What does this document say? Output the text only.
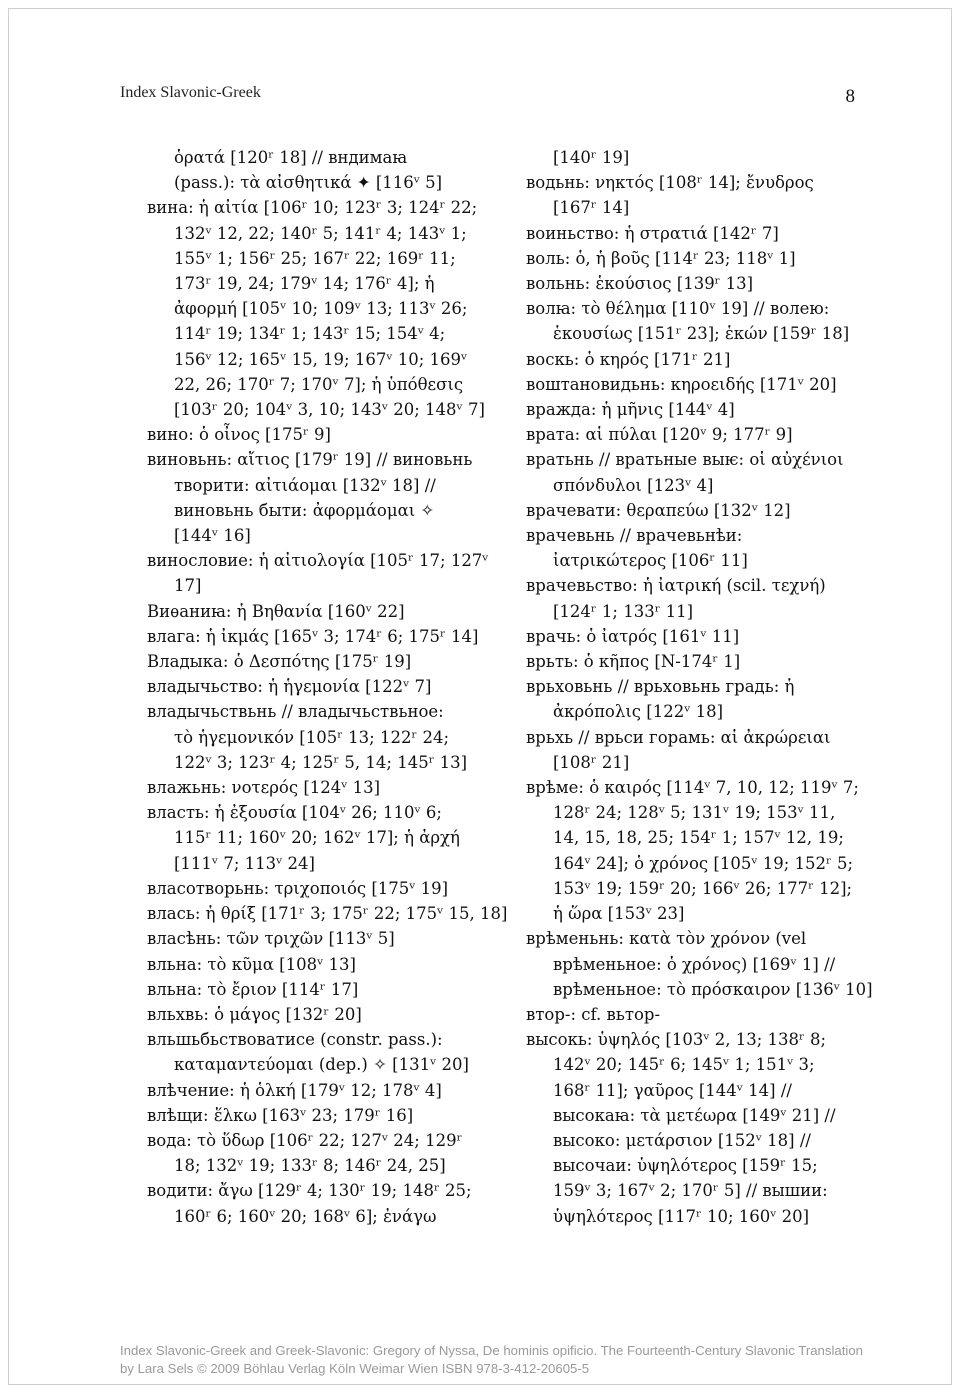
Index Slavonic-Greek	8
ὁρατά [120ʳ 18] // вндимаꙗ
(pass.): τὰ αἰσθητικά ✦ [116ᵛ 5]
вина: ἡ αἰτία [106ʳ 10; 123ʳ 3; 124ʳ 22;
132ᵛ 12, 22; 140ʳ 5; 141ʳ 4; 143ᵛ 1;
155ᵛ 1; 156ʳ 25; 167ʳ 22; 169ʳ 11;
173ʳ 19, 24; 179ᵛ 14; 176ʳ 4]; ἡ
ἀφορμή [105ᵛ 10; 109ᵛ 13; 113ᵛ 26;
114ʳ 19; 134ʳ 1; 143ʳ 15; 154ᵛ 4;
156ᵛ 12; 165ᵛ 15, 19; 167ᵛ 10; 169ᵛ
22, 26; 170ʳ 7; 170ᵛ 7]; ἡ ὑπόθεσις
[103ʳ 20; 104ᵛ 3, 10; 143ᵛ 20; 148ᵛ 7]
вино: ὁ οἶνος [175ʳ 9]
виновьнь: αἴτιος [179ʳ 19] // виновьнь
творити: αἰτιάομαι [132ᵛ 18] //
виновьнь быти: ἀφορμάομαι ✧
[144ᵛ 16]
винословие: ἡ αἰτιολογία [105ʳ 17; 127ᵛ
17]
Виѳаниꙗ: ἡ Βηθανία [160ᵛ 22]
влага: ἡ ἰκμάς [165ᵛ 3; 174ʳ 6; 175ʳ 14]
Владыка: ὁ Δεσπότης [175ʳ 19]
владычьство: ἡ ἡγεμονία [122ᵛ 7]
владычьствьнь // владычьствьное:
τὸ ἡγεμονικόν [105ʳ 13; 122ʳ 24;
122ᵛ 3; 123ʳ 4; 125ʳ 5, 14; 145ʳ 13]
влажьнь: νοτερός [124ᵛ 13]
власть: ἡ ἐξουσία [104ᵛ 26; 110ᵛ 6;
115ʳ 11; 160ᵛ 20; 162ᵛ 17]; ἡ ἀρχή
[111ᵛ 7; 113ᵛ 24]
власотворьнь: τριχοποιός [175ᵛ 19]
влась: ἡ θρίξ [171ʳ 3; 175ʳ 22; 175ᵛ 15, 18]
власѣнь: τῶν τριχῶν [113ᵛ 5]
вльна: τὸ κῦμα [108ᵛ 13]
вльна: τὸ ἔριον [114ʳ 17]
вльхвь: ὁ μάγος [132ʳ 20]
вльшьбьствоватисе (constr. pass.):
καταμαντεύομαι (dep.) ✧ [131ᵛ 20]
влѣчение: ἡ ὁλκή [179ᵛ 12; 178ᵛ 4]
влѣщи: ἕλκω [163ᵛ 23; 179ʳ 16]
вода: τὸ ὕδωρ [106ʳ 22; 127ᵛ 24; 129ʳ
18; 132ᵛ 19; 133ʳ 8; 146ʳ 24, 25]
водити: ἄγω [129ʳ 4; 130ʳ 19; 148ʳ 25;
160ʳ 6; 160ᵛ 20; 168ᵛ 6]; ἐνάγω
[140ʳ 19]
водьнь: νηκτός [108ʳ 14]; ἔνυδρος
[167ʳ 14]
воиньство: ἡ στρατιά [142ʳ 7]
воль: ὁ, ἡ βοῦς [114ʳ 23; 118ᵛ 1]
вольнь: ἑκούσιος [139ʳ 13]
волꙗ: τὸ θέλημα [110ᵛ 19] // волею:
ἑκουσίως [151ʳ 23]; ἑκών [159ʳ 18]
воскь: ὁ κηρός [171ʳ 21]
воштановидьнь: κηροειδής [171ᵛ 20]
вражда: ἡ μῆνις [144ᵛ 4]
врата: αἱ πύλαι [120ᵛ 9; 177ʳ 9]
вратьнь // вратьные выѥ: οἱ αὐχένιοι
σπόνδυλοι [123ᵛ 4]
врачевати: θεραπεύω [132ᵛ 12]
врачевьнь // врачевьнѣи:
ἰατρικώτερος [106ʳ 11]
врачевьство: ἡ ἰατρική (scil. τεχνή)
[124ʳ 1; 133ʳ 11]
врачь: ὁ ἰατρός [161ᵛ 11]
врьть: ὁ κῆπος [N-174ʳ 1]
врьховьнь // врьховьнь градь: ἡ
ἀκρόπολις [122ᵛ 18]
врьхь // врьси горамь: αἱ ἀκρώρειαι
[108ʳ 21]
врѣме: ὁ καιρός [114ᵛ 7, 10, 12; 119ᵛ 7;
128ʳ 24; 128ᵛ 5; 131ᵛ 19; 153ᵛ 11,
14, 15, 18, 25; 154ʳ 1; 157ᵛ 12, 19;
164ᵛ 24]; ὁ χρόνος [105ᵛ 19; 152ʳ 5;
153ᵛ 19; 159ʳ 20; 166ᵛ 26; 177ʳ 12];
ἡ ὥρα [153ᵛ 23]
врѣменьнь: κατὰ τὸν χρόνον (vel
врѣменьное: ὁ χρόνος) [169ᵛ 1] //
врѣменьное: τὸ πρόσκαιρον [136ᵛ 10]
втор-: cf. вьтор-
высокь: ὑψηλός [103ᵛ 2, 13; 138ʳ 8;
142ᵛ 20; 145ʳ 6; 145ᵛ 1; 151ᵛ 3;
168ʳ 11]; γαῦρος [144ᵛ 14] //
высокаꙗ: τὰ μετέωρα [149ᵛ 21] //
высоко: μετάρσιον [152ᵛ 18] //
высочаи: ὑψηλότερος [159ʳ 15;
159ᵛ 3; 167ᵛ 2; 170ʳ 5] // вышии:
ὑψηλότερος [117ʳ 10; 160ᵛ 20]
Index Slavonic-Greek and Greek-Slavonic: Gregory of Nyssa, De hominis opificio. The Fourteenth-Century Slavonic Translation
by Lara Sels © 2009 Böhlau Verlag Köln Weimar Wien ISBN 978-3-412-20605-5
